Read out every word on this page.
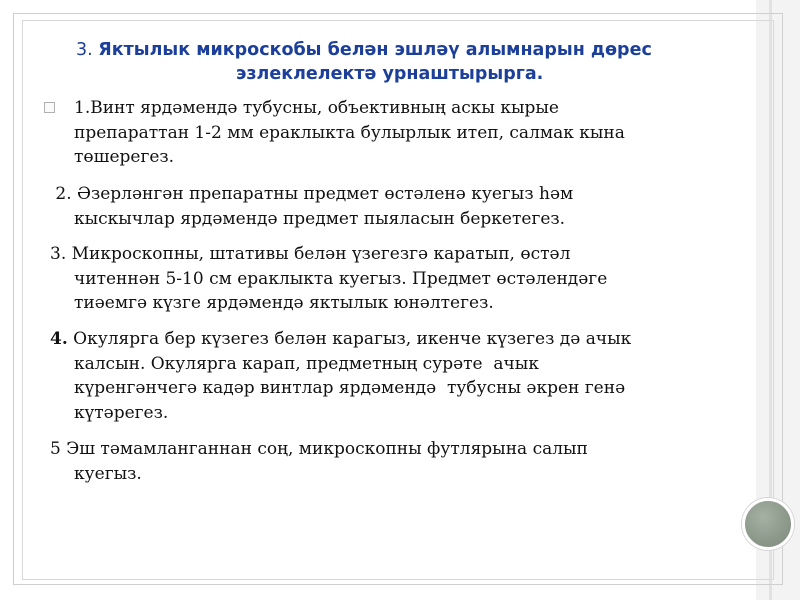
3. Яктылык микроскобы белән эшләү алымнарын дөрес
эзлеклелектә урнаштырырга.
1.Винт ярдәмендә тубусны, объективның аскы кырые
препараттан 1-2 мм ераклыкта булырлык итеп, салмак кына
төшерегез.
2. Әзерләнгән препаратны предмет өстәленә куегыз һәм
кыскычлар ярдәмендә предмет пыяласын беркетегез.
3. Микроскопны, штативы белән үзегезгә каратып, өстәл
читеннән 5-10 см ераклыкта куегыз. Предмет өстәлендәге
тиәемгә күзге ярдәмендә яктылык юнәлтегез.
4. Окулярга бер күзегез белән карагыз, икенче күзегез дә ачык
калсын. Окулярга карап, предметның сурәте  ачык
күренгәнчегә кадәр винтлар ярдәмендә  тубусны әкрен генә
күтәрегез.
5 Эш тәмамланганнан соң, микроскопны футлярына салып
куегыз.
